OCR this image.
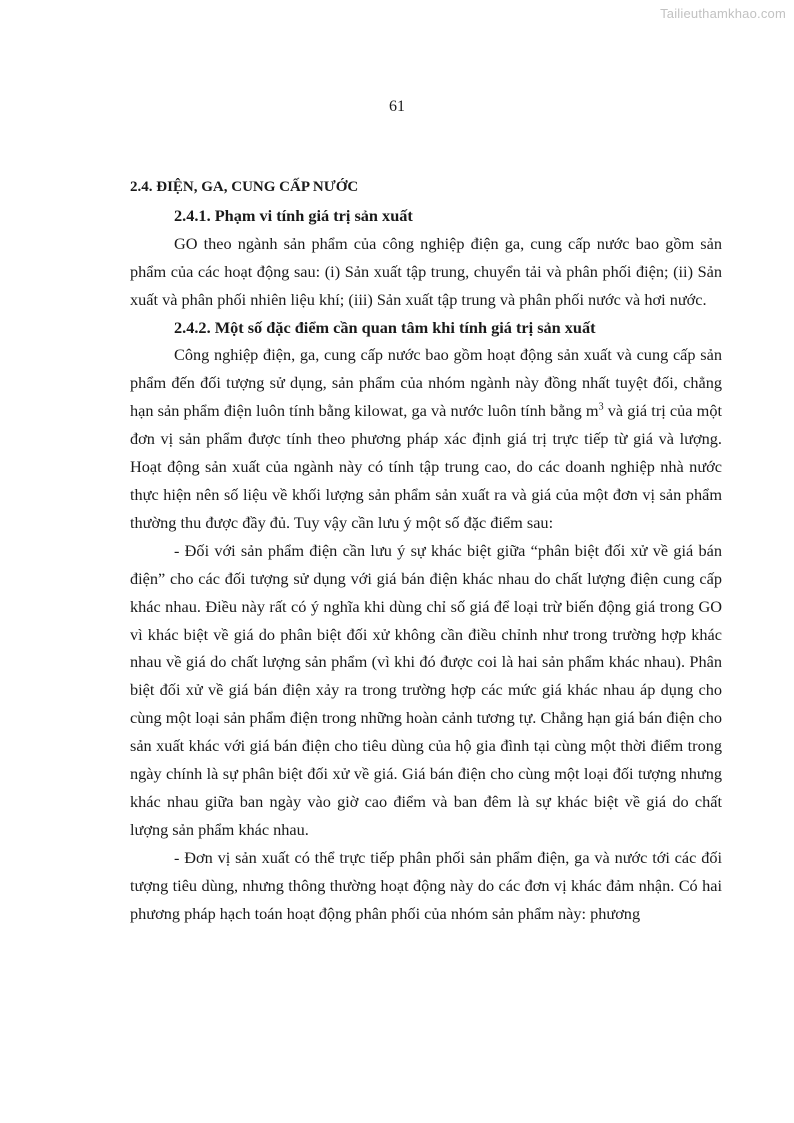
Tailieuthamkhao.com
61

2.4. ĐIỆN, GA, CUNG CẤP NƯỚC

2.4.1. Phạm vi tính giá trị sản xuất

GO theo ngành sản phẩm của công nghiệp điện ga, cung cấp nước bao gồm sản phẩm của các hoạt động sau: (i) Sản xuất tập trung, chuyển tải và phân phối điện; (ii) Sản xuất và phân phối nhiên liệu khí; (iii) Sản xuất tập trung và phân phối nước và hơi nước.

2.4.2. Một số đặc điểm cần quan tâm khi tính giá trị sản xuất

Công nghiệp điện, ga, cung cấp nước bao gồm hoạt động sản xuất và cung cấp sản phẩm đến đối tượng sử dụng, sản phẩm của nhóm ngành này đồng nhất tuyệt đối, chẳng hạn sản phẩm điện luôn tính bằng kilowat, ga và nước luôn tính bằng $m^3$ và giá trị của một đơn vị sản phẩm được tính theo phương pháp xác định giá trị trực tiếp từ giá và lượng. Hoạt động sản xuất của ngành này có tính tập trung cao, do các doanh nghiệp nhà nước thực hiện nên số liệu về khối lượng sản phẩm sản xuất ra và giá của một đơn vị sản phẩm thường thu được đầy đủ. Tuy vậy cần lưu ý một số đặc điểm sau:

- Đối với sản phẩm điện cần lưu ý sự khác biệt giữa “phân biệt đối xử về giá bán điện” cho các đối tượng sử dụng với giá bán điện khác nhau do chất lượng điện cung cấp khác nhau. Điều này rất có ý nghĩa khi dùng chỉ số giá để loại trừ biến động giá trong GO vì khác biệt về giá do phân biệt đối xử không cần điều chỉnh như trong trường hợp khác nhau về giá do chất lượng sản phẩm (vì khi đó được coi là hai sản phẩm khác nhau). Phân biệt đối xử về giá bán điện xảy ra trong trường hợp các mức giá khác nhau áp dụng cho cùng một loại sản phẩm điện trong những hoàn cảnh tương tự. Chẳng hạn giá bán điện cho sản xuất khác với giá bán điện cho tiêu dùng của hộ gia đình tại cùng một thời điểm trong ngày chính là sự phân biệt đối xử về giá. Giá bán điện cho cùng một loại đối tượng nhưng khác nhau giữa ban ngày vào giờ cao điểm và ban đêm là sự khác biệt về giá do chất lượng sản phẩm khác nhau.

- Đơn vị sản xuất có thể trực tiếp phân phối sản phẩm điện, ga và nước tới các đối tượng tiêu dùng, nhưng thông thường hoạt động này do các đơn vị khác đảm nhận. Có hai phương pháp hạch toán hoạt động phân phối của nhóm sản phẩm này: phương
